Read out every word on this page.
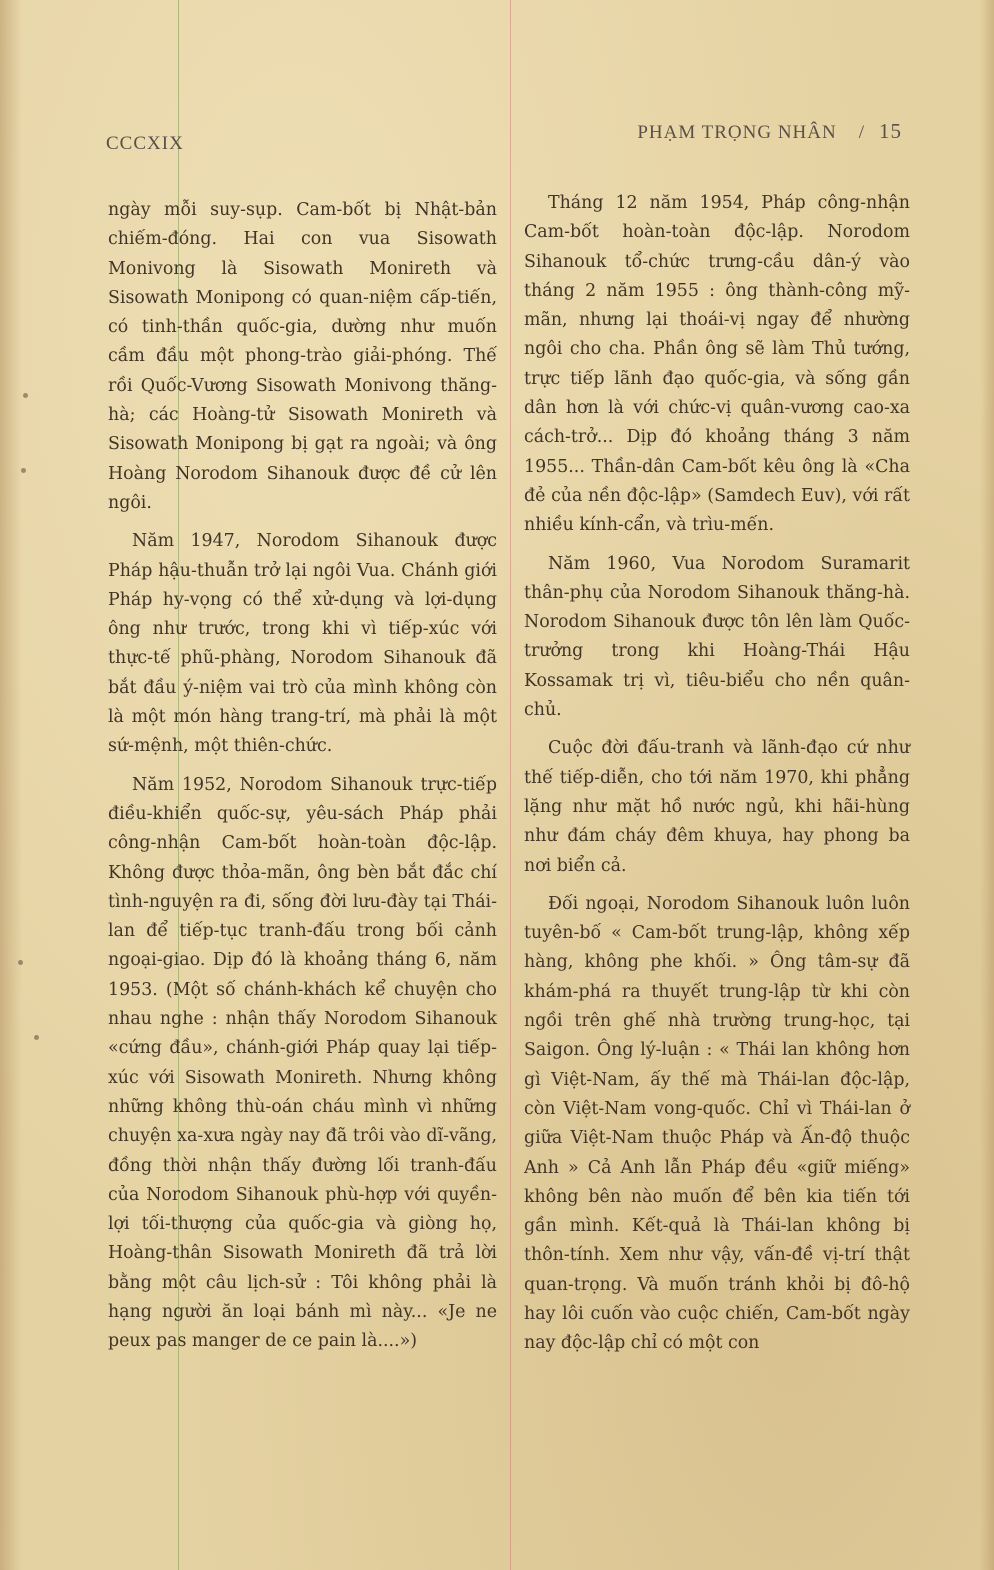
CCCXIX
PHẠM TRỌNG NHÂN / 15

ngày mỗi suy-sụp. Cam-bốt bị Nhật-bản chiếm-đóng. Hai con vua Sisowath Monivong là Sisowath Monireth và Sisowath Monipong có quan-niệm cấp-tiến, có tinh-thần quốc-gia, dường như muốn cầm đầu một phong-trào giải-phóng. Thế rồi Quốc-Vương Sisowath Monivong thăng-hà; các Hoàng-tử Sisowath Monireth và Sisowath Monipong bị gạt ra ngoài; và ông Hoàng Norodom Sihanouk được đề cử lên ngôi.

Năm 1947, Norodom Sihanouk được Pháp hậu-thuẫn trở lại ngôi Vua. Chánh giới Pháp hy-vọng có thể xử-dụng và lợi-dụng ông như trước, trong khi vì tiếp-xúc với thực-tế phũ-phàng, Norodom Sihanouk đã bắt đầu ý-niệm vai trò của mình không còn là một món hàng trang-trí, mà phải là một sứ-mệnh, một thiên-chức.

Năm 1952, Norodom Sihanouk trực-tiếp điều-khiển quốc-sự, yêu-sách Pháp phải công-nhận Cam-bốt hoàn-toàn độc-lập. Không được thỏa-mãn, ông bèn bắt đắc chí tình-nguyện ra đi, sống đời lưu-đày tại Thái-lan để tiếp-tục tranh-đấu trong bối cảnh ngoại-giao. Dịp đó là khoảng tháng 6, năm 1953. (Một số chánh-khách kể chuyện cho nhau nghe : nhận thấy Norodom Sihanouk «cứng đầu», chánh-giới Pháp quay lại tiếp-xúc với Sisowath Monireth. Nhưng không những không thù-oán cháu mình vì những chuyện xa-xưa ngày nay đã trôi vào dĩ-vãng, đồng thời nhận thấy đường lối tranh-đấu của Norodom Sihanouk phù-hợp với quyền-lợi tối-thượng của quốc-gia và giòng họ, Hoàng-thân Sisowath Monireth đã trả lời bằng một câu lịch-sử : Tôi không phải là hạng người ăn loại bánh mì này... «Je ne peux pas manger de ce pain là....»)

Tháng 12 năm 1954, Pháp công-nhận Cam-bốt hoàn-toàn độc-lập. Norodom Sihanouk tổ-chức trưng-cầu dân-ý vào tháng 2 năm 1955 : ông thành-công mỹ-mãn, nhưng lại thoái-vị ngay để nhường ngôi cho cha. Phần ông sẽ làm Thủ tướng, trực tiếp lãnh đạo quốc-gia, và sống gần dân hơn là với chức-vị quân-vương cao-xa cách-trở... Dịp đó khoảng tháng 3 năm 1955... Thần-dân Cam-bốt kêu ông là «Cha đẻ của nền độc-lập» (Samdech Euv), với rất nhiều kính-cẩn, và trìu-mến.

Năm 1960, Vua Norodom Suramarit thân-phụ của Norodom Sihanouk thăng-hà. Norodom Sihanouk được tôn lên làm Quốc-trưởng trong khi Hoàng-Thái Hậu Kossamak trị vì, tiêu-biểu cho nền quân-chủ.

Cuộc đời đấu-tranh và lãnh-đạo cứ như thế tiếp-diễn, cho tới năm 1970, khi phẳng lặng như mặt hồ nước ngủ, khi hãi-hùng như đám cháy đêm khuya, hay phong ba nơi biển cả.

Đối ngoại, Norodom Sihanouk luôn luôn tuyên-bố « Cam-bốt trung-lập, không xếp hàng, không phe khối. » Ông tâm-sự đã khám-phá ra thuyết trung-lập từ khi còn ngồi trên ghế nhà trường trung-học, tại Saigon. Ông lý-luận : « Thái lan không hơn gì Việt-Nam, ấy thế mà Thái-lan độc-lập, còn Việt-Nam vong-quốc. Chỉ vì Thái-lan ở giữa Việt-Nam thuộc Pháp và Ấn-độ thuộc Anh » Cả Anh lẫn Pháp đều «giữ miếng» không bên nào muốn để bên kia tiến tới gần mình. Kết-quả là Thái-lan không bị thôn-tính. Xem như vậy, vấn-đề vị-trí thật quan-trọng. Và muốn tránh khỏi bị đô-hộ hay lôi cuốn vào cuộc chiến, Cam-bốt ngày nay độc-lập chỉ có một con
